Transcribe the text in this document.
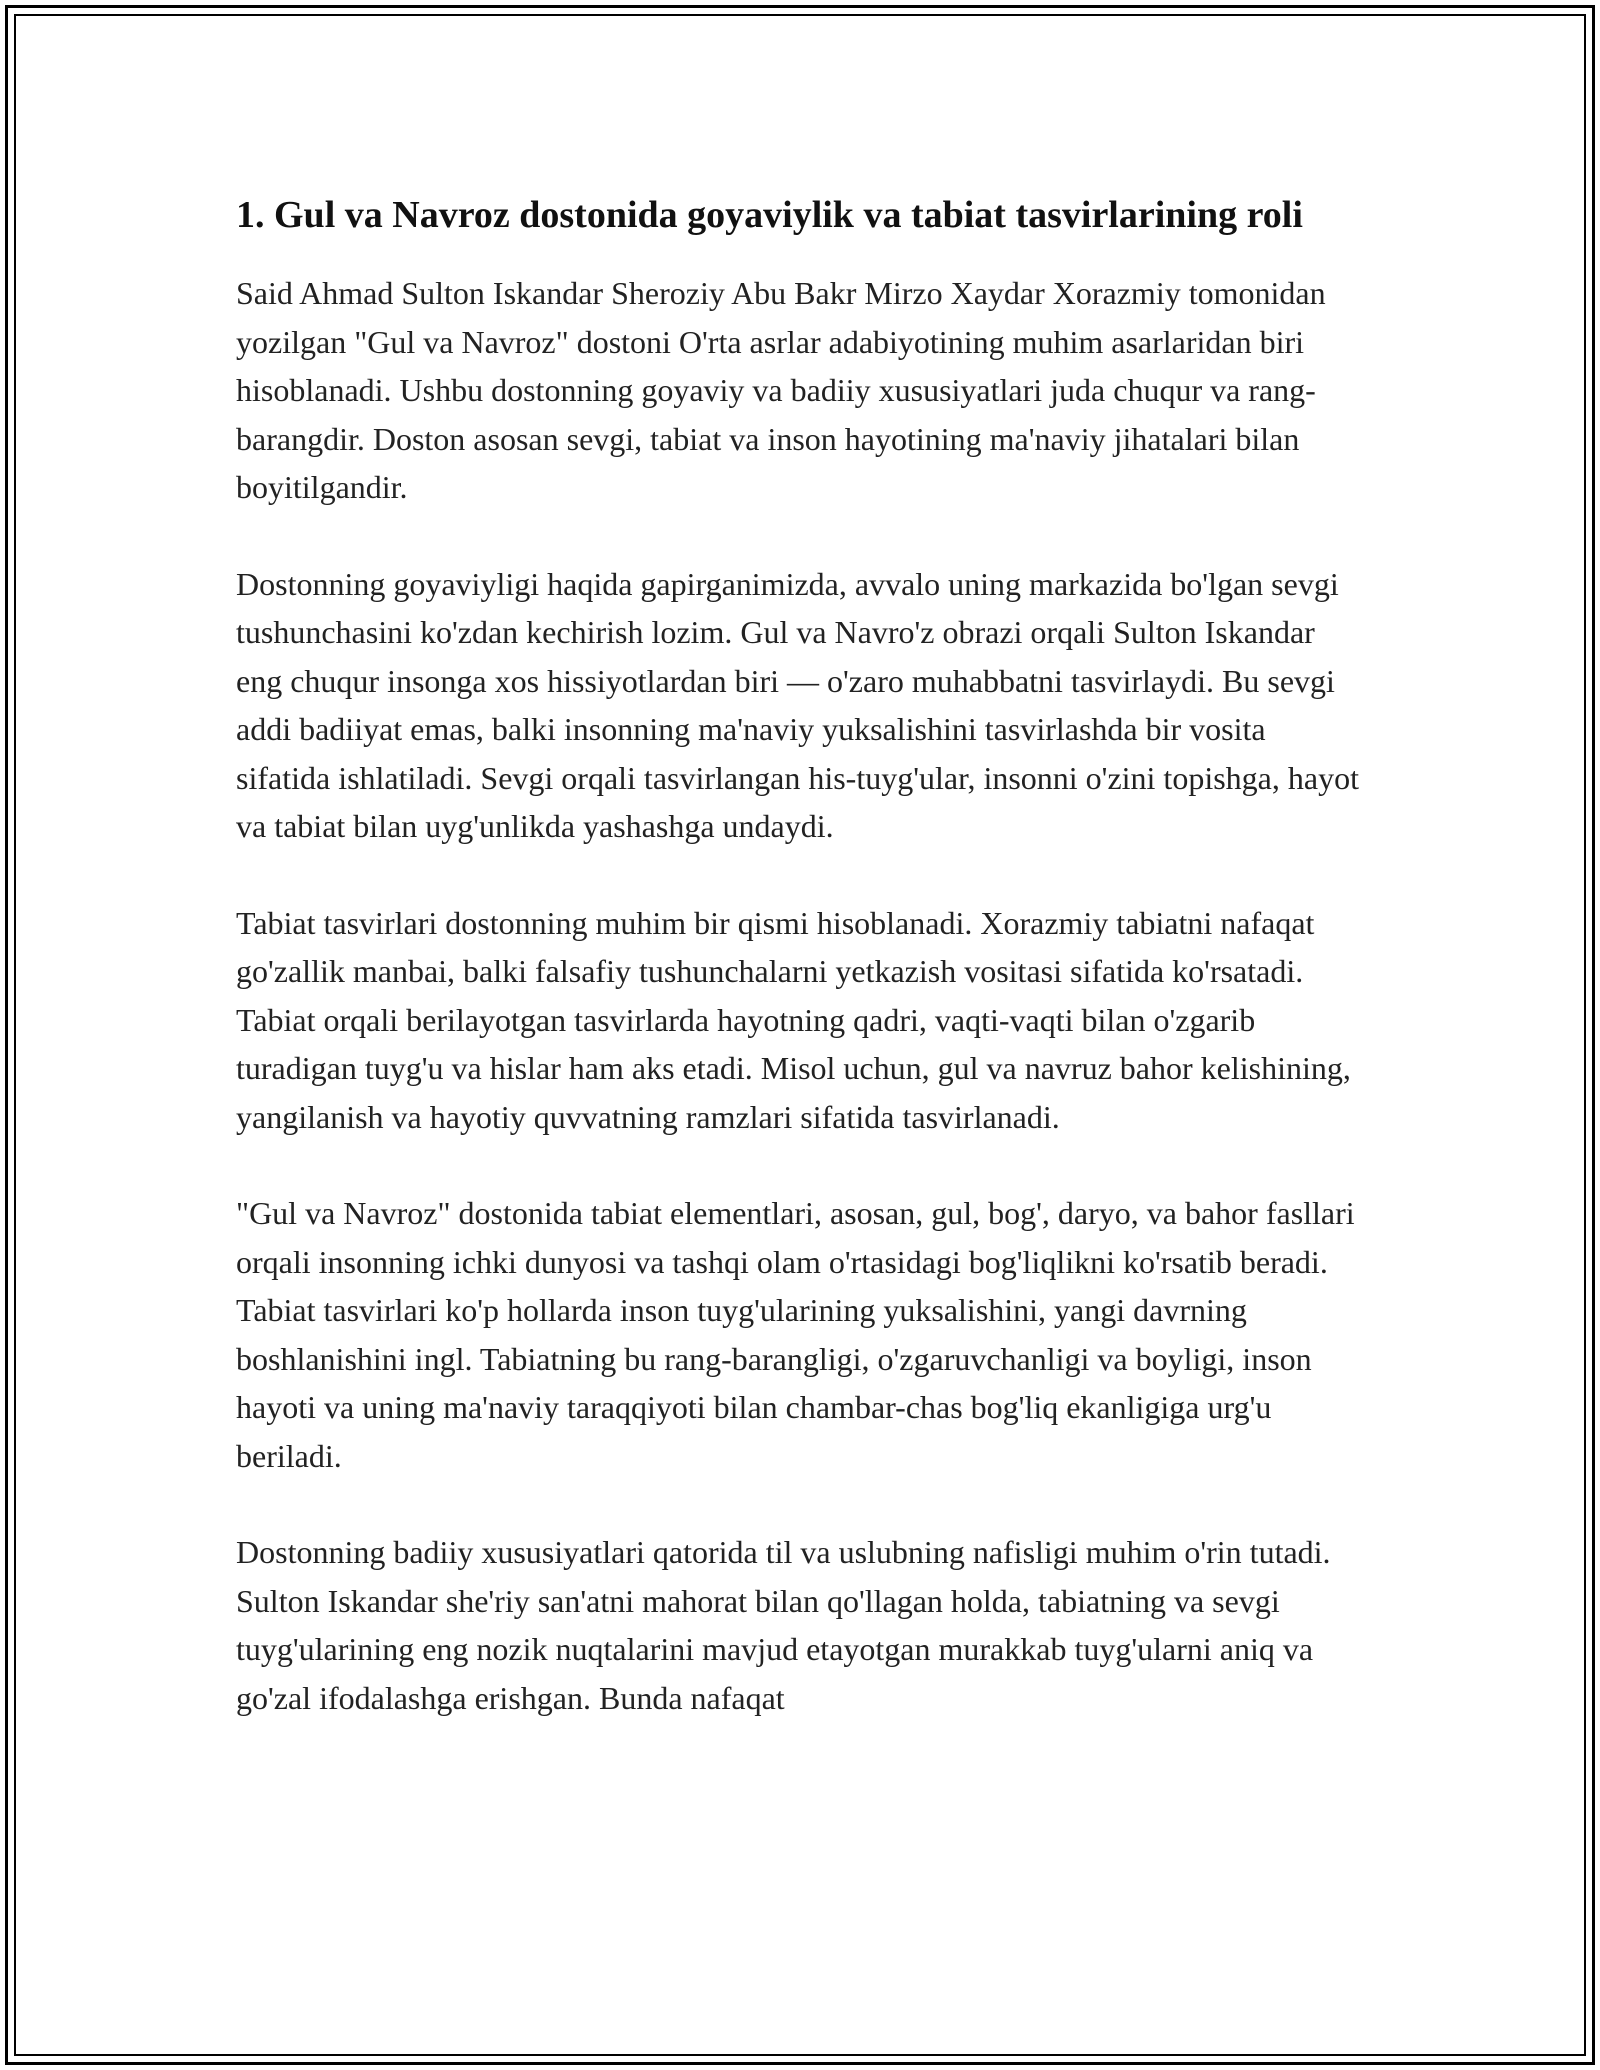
1. Gul va Navroz dostonida goyaviylik va tabiat tasvirlarining roli

Said Ahmad Sulton Iskandar Sheroziy Abu Bakr Mirzo Xaydar Xorazmiy tomonidan yozilgan "Gul va Navroz" dostoni O'rta asrlar adabiyotining muhim asarlaridan biri hisoblanadi. Ushbu dostonning goyaviy va badiiy xususiyatlari juda chuqur va rang-barangdir. Doston asosan sevgi, tabiat va inson hayotining ma'naviy jihatalari bilan boyitilgandir.

Dostonning goyaviyligi haqida gapirganimizda, avvalo uning markazida bo'lgan sevgi tushunchasini ko'zdan kechirish lozim. Gul va Navro'z obrazi orqali Sulton Iskandar eng chuqur insonga xos hissiyotlardan biri — o'zaro muhabbatni tasvirlaydi. Bu sevgi addi badiiyat emas, balki insonning ma'naviy yuksalishini tasvirlashda bir vosita sifatida ishlatiladi. Sevgi orqali tasvirlangan his-tuyg'ular, insonni o'zini topishga, hayot va tabiat bilan uyg'unlikda yashashga undaydi.

Tabiat tasvirlari dostonning muhim bir qismi hisoblanadi. Xorazmiy tabiatni nafaqat go'zallik manbai, balki falsafiy tushunchalarni yetkazish vositasi sifatida ko'rsatadi. Tabiat orqali berilayotgan tasvirlarda hayotning qadri, vaqti-vaqti bilan o'zgarib turadigan tuyg'u va hislar ham aks etadi. Misol uchun, gul va navruz bahor kelishining, yangilanish va hayotiy quvvatning ramzlari sifatida tasvirlanadi.

"Gul va Navroz" dostonida tabiat elementlari, asosan, gul, bog', daryo, va bahor fasllari orqali insonning ichki dunyosi va tashqi olam o'rtasidagi bog'liqlikni ko'rsatib beradi. Tabiat tasvirlari ko'p hollarda inson tuyg'ularining yuksalishini, yangi davrning boshlanishini ingl. Tabiatning bu rang-barangligi, o'zgaruvchanligi va boyligi, inson hayoti va uning ma'naviy taraqqiyoti bilan chambar-chas bog'liq ekanligiga urg'u beriladi.

Dostonning badiiy xususiyatlari qatorida til va uslubning nafisligi muhim o'rin tutadi. Sulton Iskandar she'riy san'atni mahorat bilan qo'llagan holda, tabiatning va sevgi tuyg'ularining eng nozik nuqtalarini mavjud etayotgan murakkab tuyg'ularni aniq va go'zal ifodalashga erishgan. Bunda nafaqat
